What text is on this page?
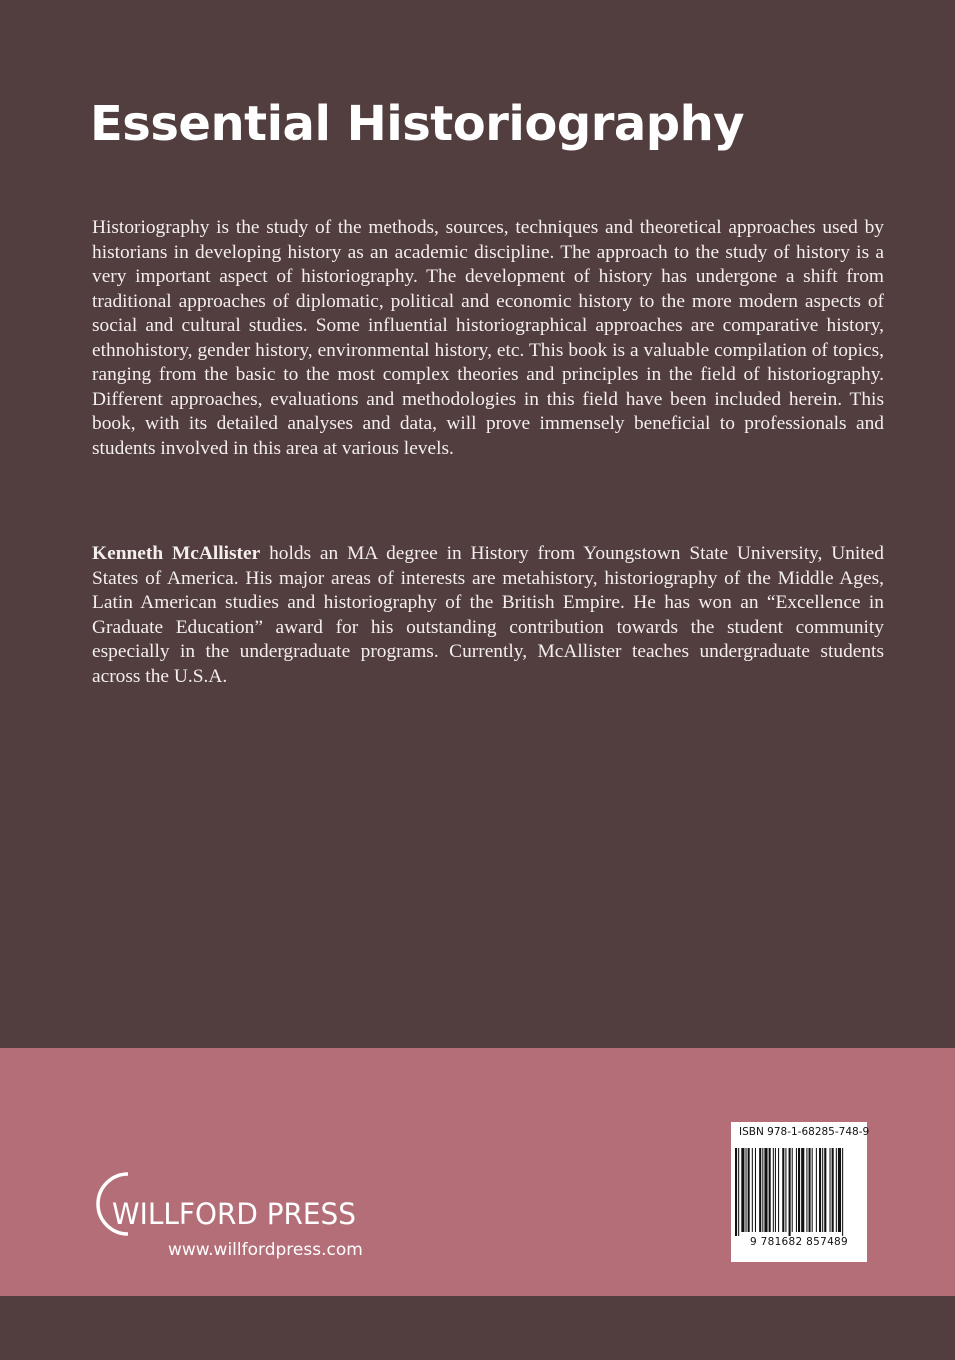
Essential Historiography

Historiography is the study of the methods, sources, techniques and theoretical approaches used by historians in developing history as an academic discipline. The approach to the study of history is a very important aspect of historiography. The development of history has undergone a shift from traditional approaches of diplomatic, political and economic history to the more modern aspects of social and cultural studies. Some influential historiographical approaches are comparative history, ethnohistory, gender history, environmental history, etc. This book is a valuable compilation of topics, ranging from the basic to the most complex theories and principles in the field of historiography. Different approaches, evaluations and methodologies in this field have been included herein. This book, with its detailed analyses and data, will prove immensely beneficial to professionals and students involved in this area at various levels.

Kenneth McAllister holds an MA degree in History from Youngstown State University, United States of America. His major areas of interests are metahistory, historiography of the Middle Ages, Latin American studies and historiography of the British Empire. He has won an “Excellence in Graduate Education” award for his outstanding contribution towards the student community especially in the undergraduate programs. Currently, McAllister teaches undergraduate students across the U.S.A.

WILLFORD PRESS
www.willfordpress.com
ISBN 978-1-68285-748-9
9 781682 857489
